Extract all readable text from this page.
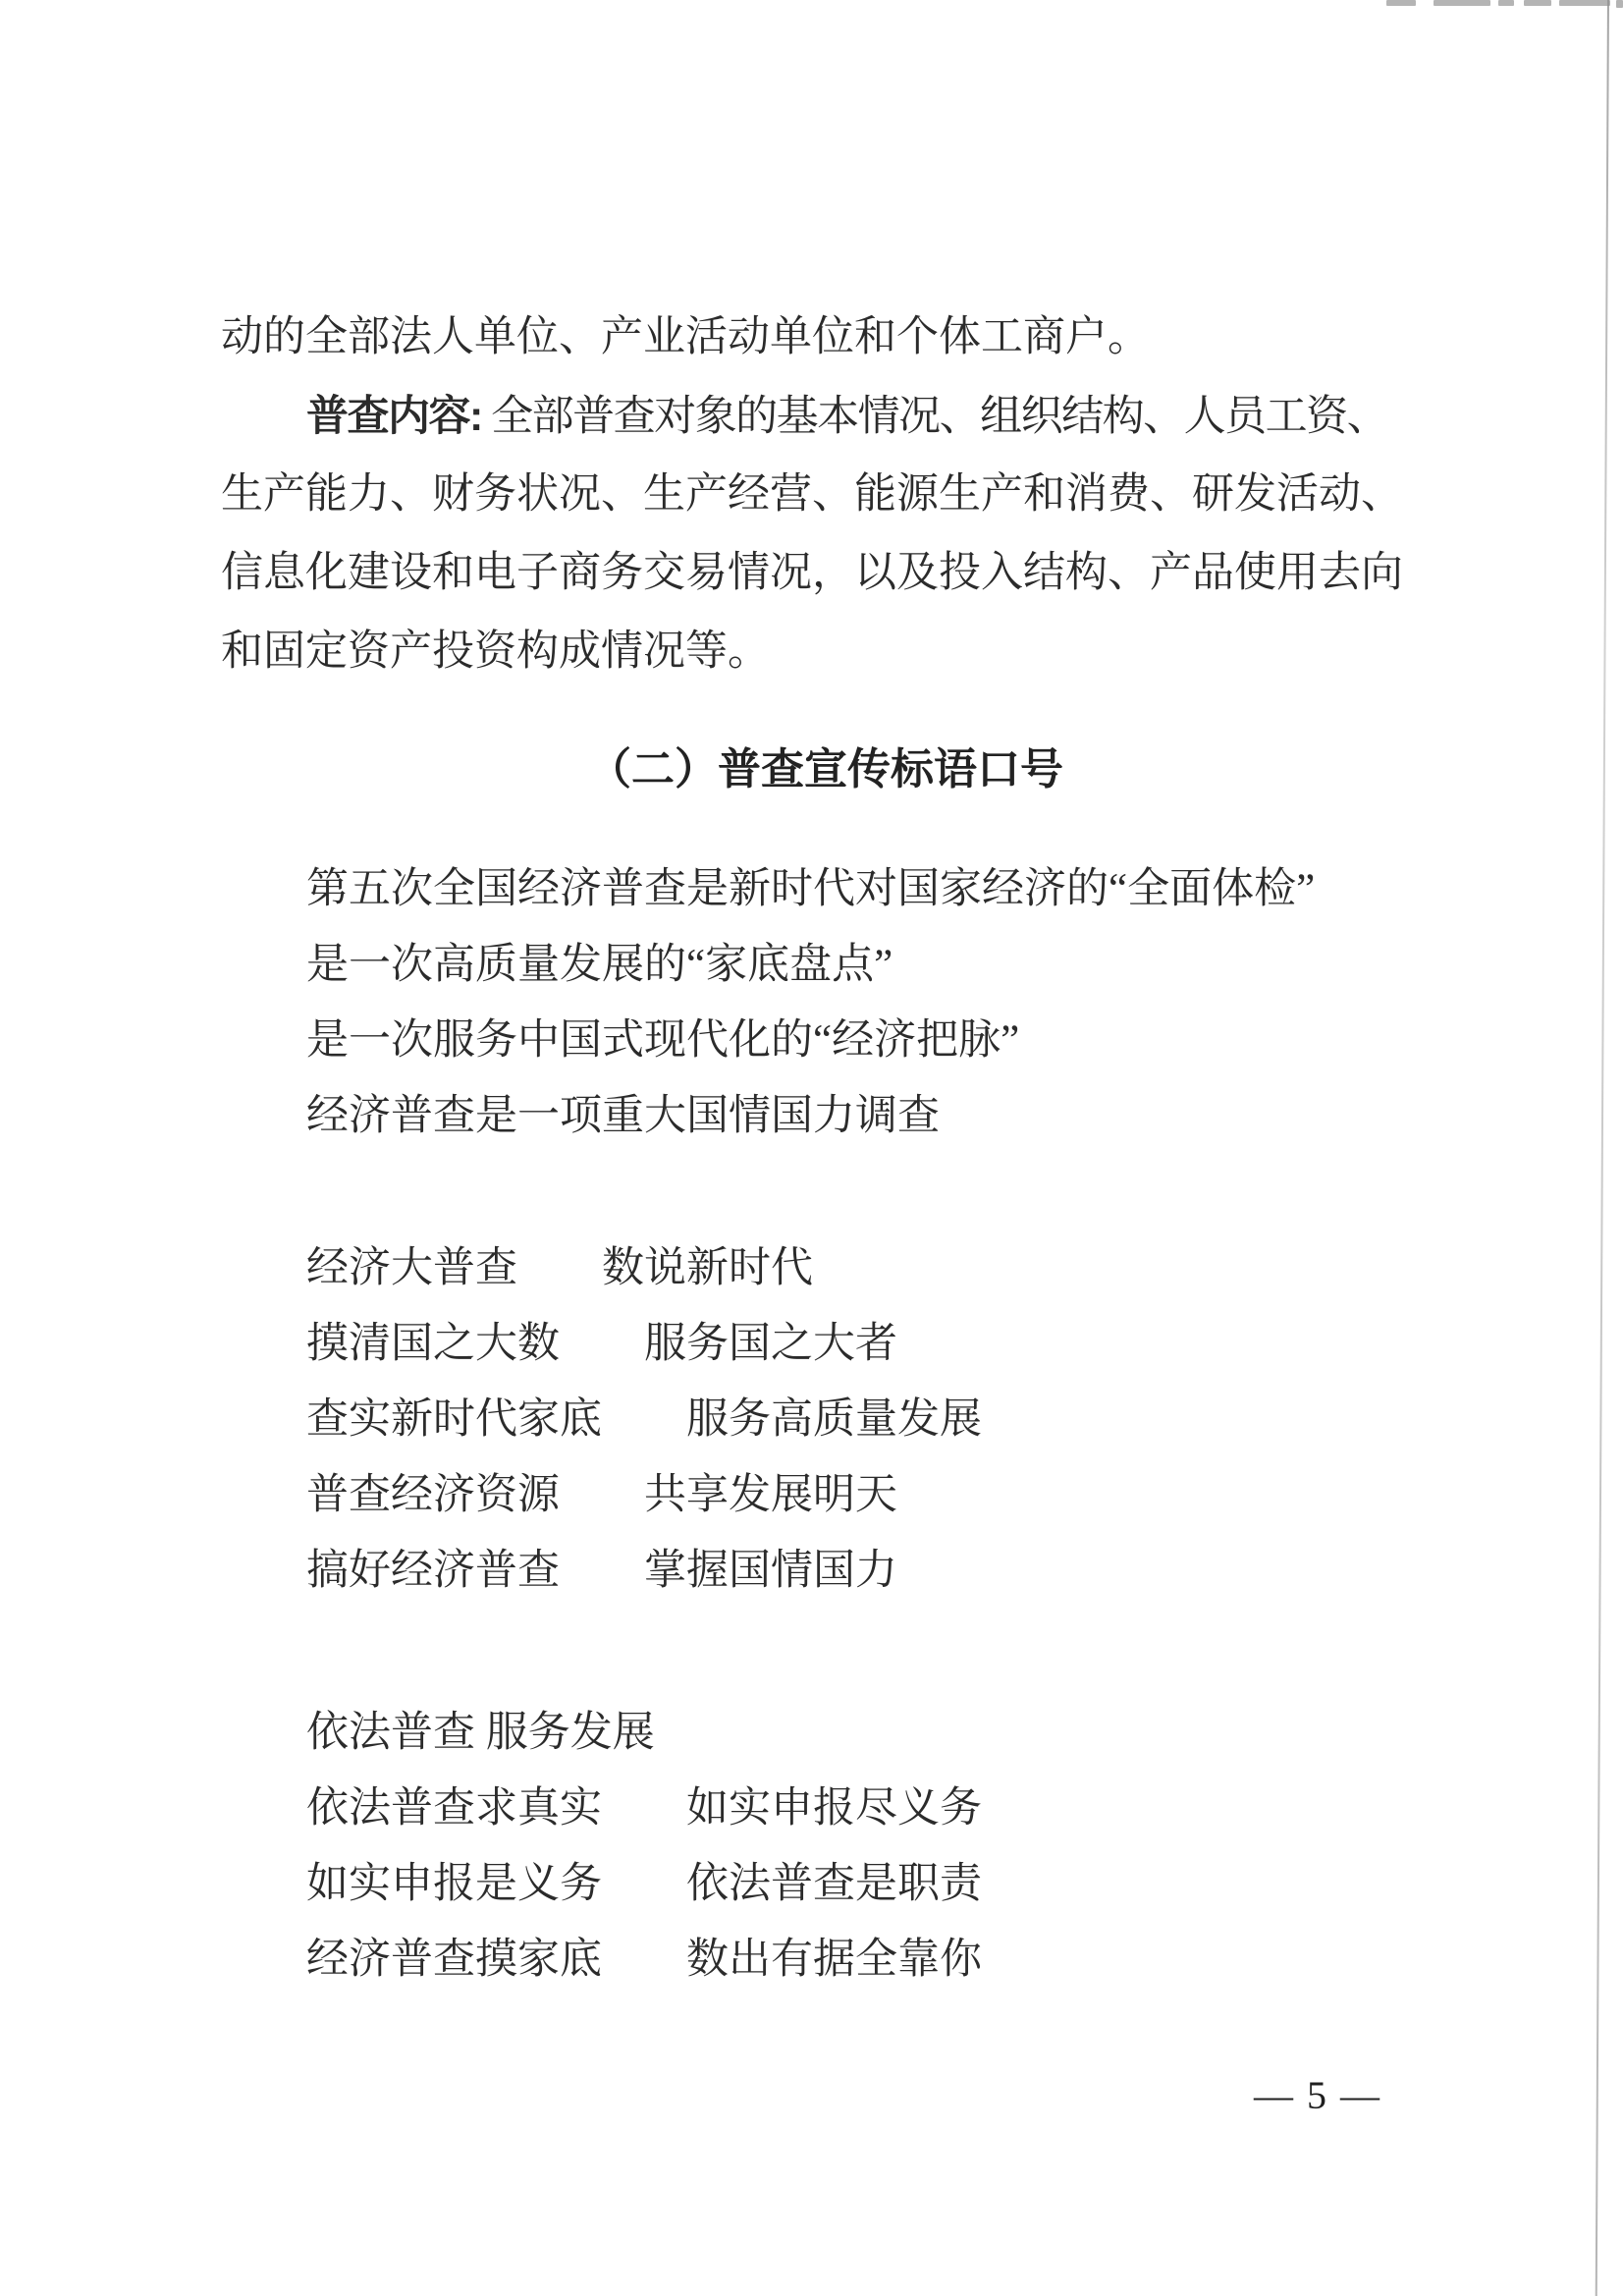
动的全部法人单位、产业活动单位和个体工商户。

普查内容: 全部普查对象的基本情况、组织结构、人员工资、

生产能力、财务状况、生产经营、能源生产和消费、研发活动、

信息化建设和电子商务交易情况，以及投入结构、产品使用去向

和固定资产投资构成情况等。

（二）普查宣传标语口号

第五次全国经济普查是新时代对国家经济的“全面体检”

是一次高质量发展的“家底盘点”

是一次服务中国式现代化的“经济把脉”

经济普查是一项重大国情国力调查

经济大普查　　数说新时代

摸清国之大数　　服务国之大者

查实新时代家底　　服务高质量发展

普查经济资源　　共享发展明天

搞好经济普查　　掌握国情国力

依法普查 服务发展

依法普查求真实　　如实申报尽义务

如实申报是义务　　依法普查是职责

经济普查摸家底　　数出有据全靠你

— 5 —
